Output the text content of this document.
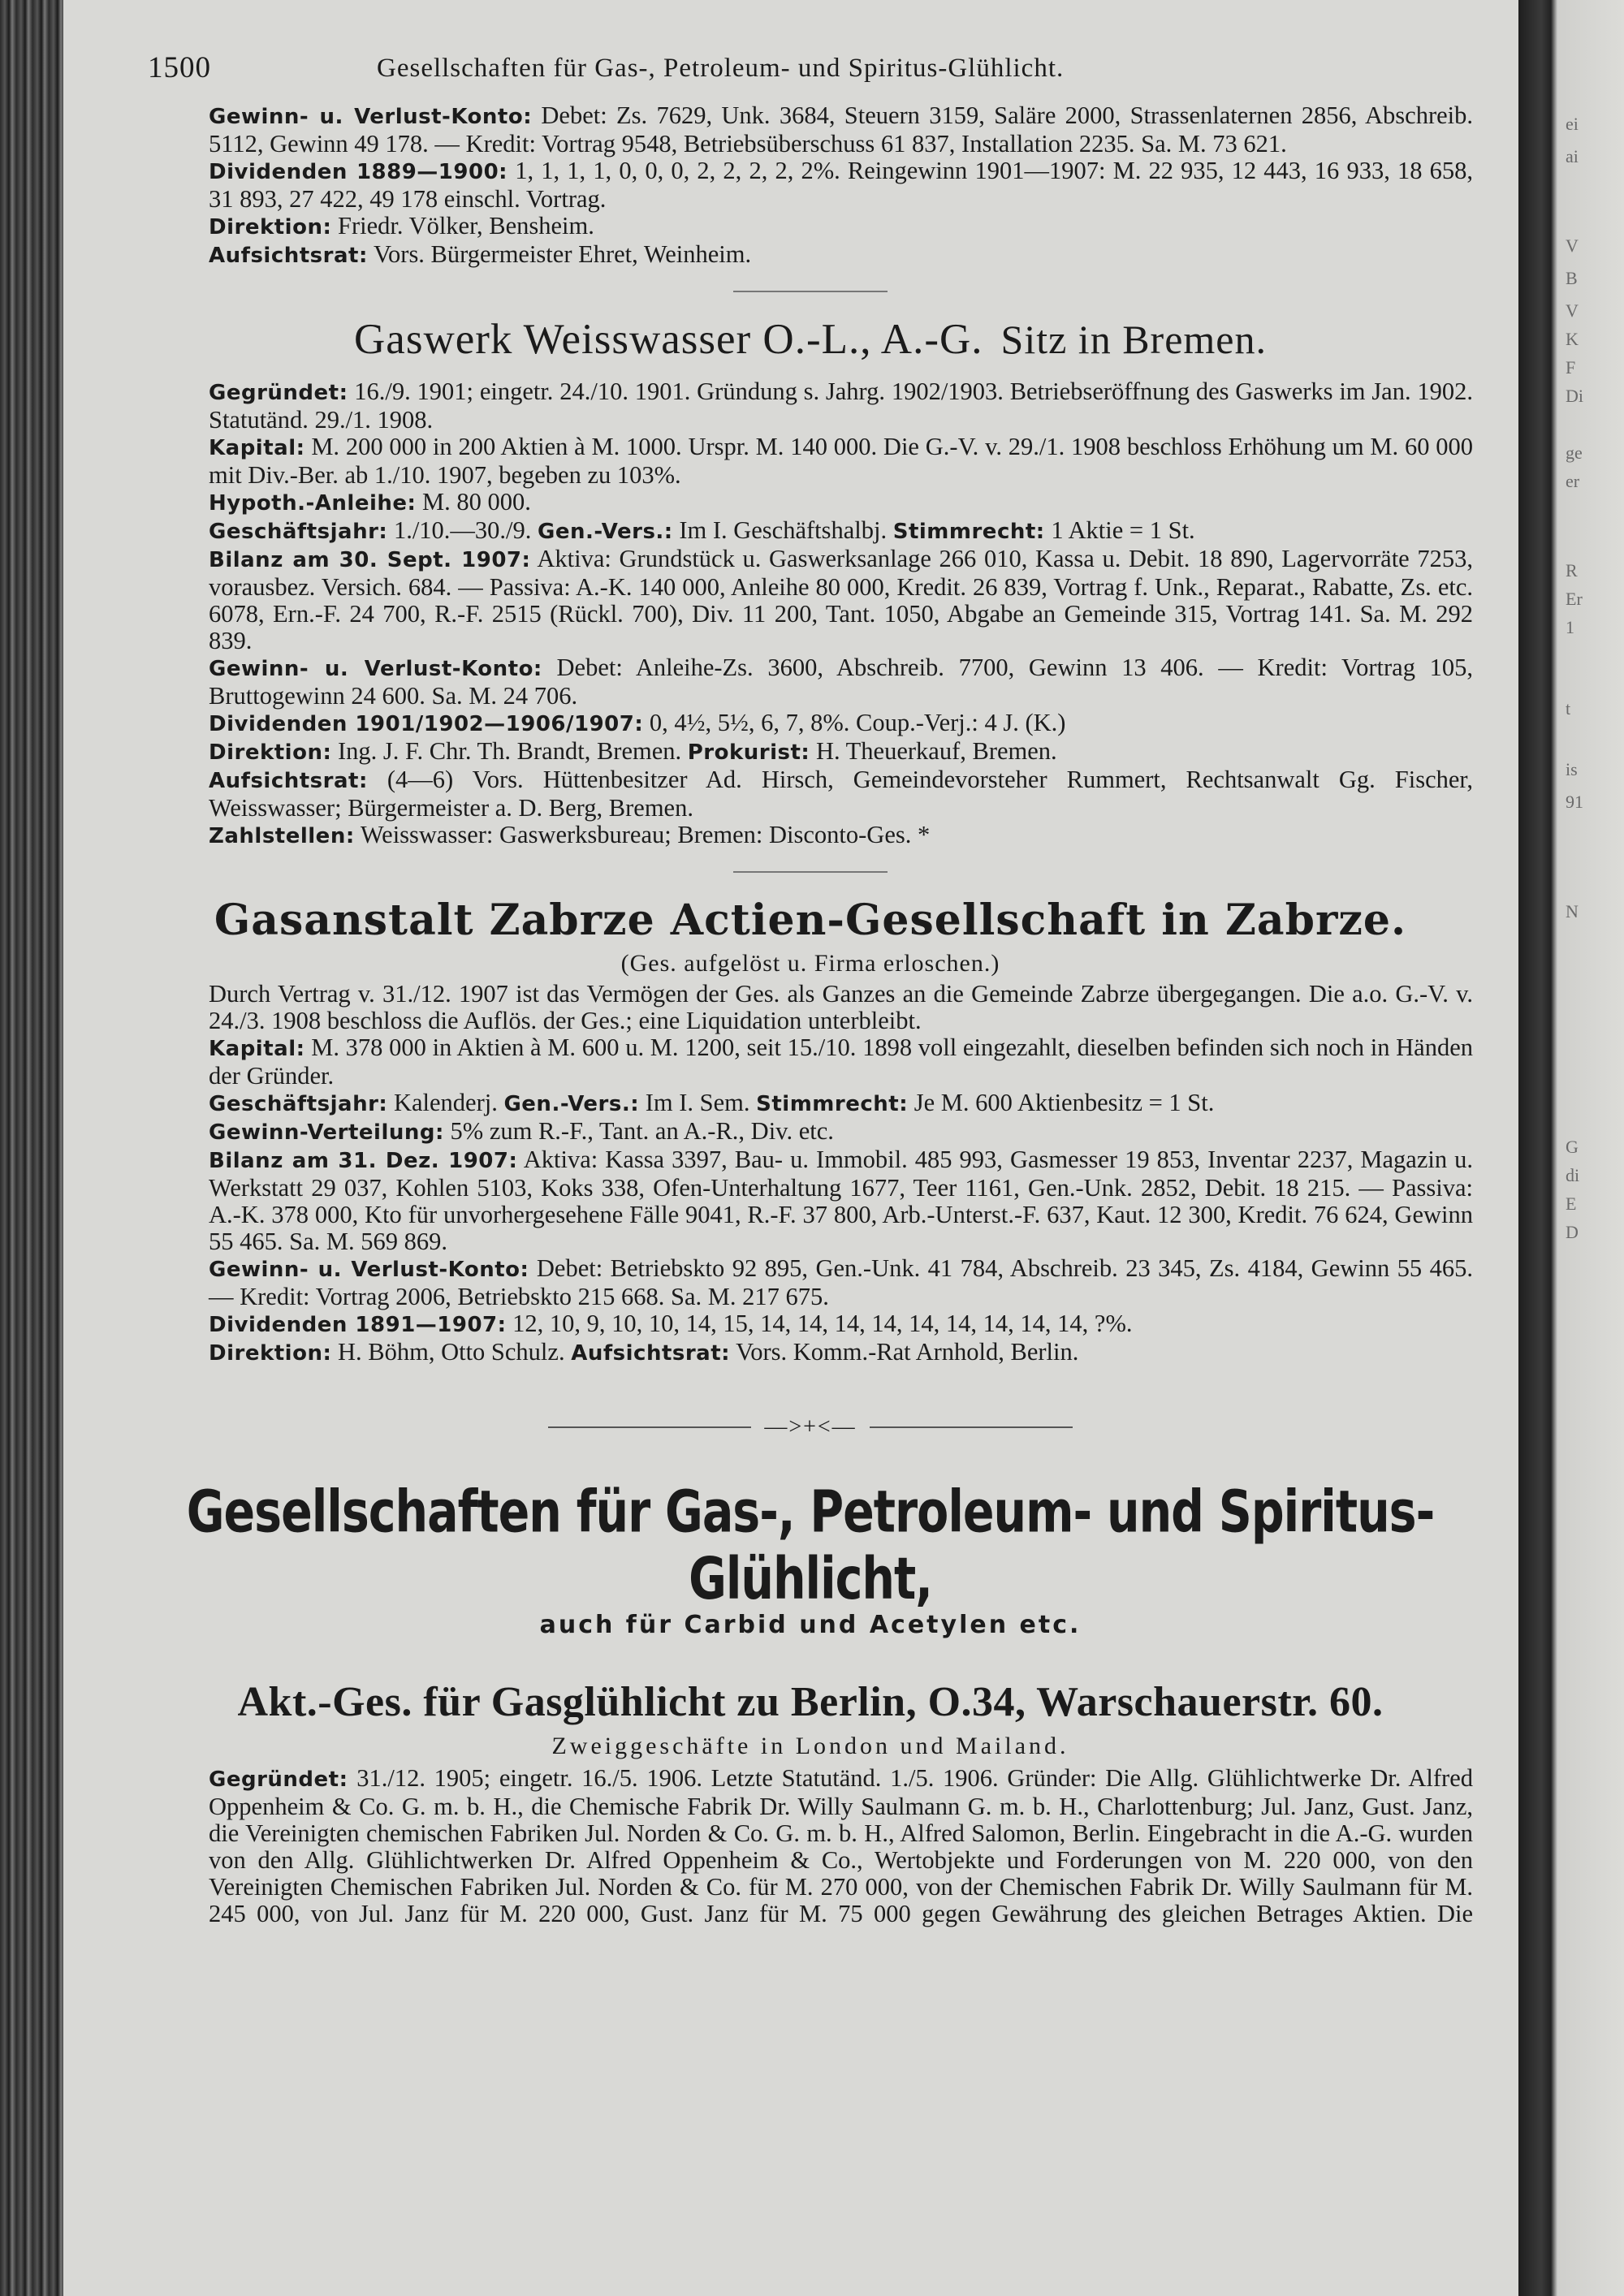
ei
ai
V
B
V
K
F
Di
ge
er
R
Er
1
t
is
91
N
G
di
E
D
1500	Gesellschaften für Gas-, Petroleum- und Spiritus-Glühlicht.
Gewinn- u. Verlust-Konto: Debet: Zs. 7629, Unk. 3684, Steuern 3159, Saläre 2000, Strassenlaternen 2856, Abschreib. 5112, Gewinn 49 178. — Kredit: Vortrag 9548, Betriebsüberschuss 61 837, Installation 2235. Sa. M. 73 621.
Dividenden 1889—1900: 1, 1, 1, 1, 0, 0, 0, 2, 2, 2, 2, 2%. Reingewinn 1901—1907: M. 22 935, 12 443, 16 933, 18 658, 31 893, 27 422, 49 178 einschl. Vortrag.
Direktion: Friedr. Völker, Bensheim.
Aufsichtsrat: Vors. Bürgermeister Ehret, Weinheim.
Gaswerk Weisswasser O.-L., A.-G. Sitz in Bremen.
Gegründet: 16./9. 1901; eingetr. 24./10. 1901. Gründung s. Jahrg. 1902/1903. Betriebseröffnung des Gaswerks im Jan. 1902. Statutänd. 29./1. 1908.
Kapital: M. 200 000 in 200 Aktien à M. 1000. Urspr. M. 140 000. Die G.-V. v. 29./1. 1908 beschloss Erhöhung um M. 60 000 mit Div.-Ber. ab 1./10. 1907, begeben zu 103%.
Hypoth.-Anleihe: M. 80 000.
Geschäftsjahr: 1./10.—30./9. Gen.-Vers.: Im I. Geschäftshalbj. Stimmrecht: 1 Aktie = 1 St.
Bilanz am 30. Sept. 1907: Aktiva: Grundstück u. Gaswerksanlage 266 010, Kassa u. Debit. 18 890, Lagervorräte 7253, vorausbez. Versich. 684. — Passiva: A.-K. 140 000, Anleihe 80 000, Kredit. 26 839, Vortrag f. Unk., Reparat., Rabatte, Zs. etc. 6078, Ern.-F. 24 700, R.-F. 2515 (Rückl. 700), Div. 11 200, Tant. 1050, Abgabe an Gemeinde 315, Vortrag 141. Sa. M. 292 839.
Gewinn- u. Verlust-Konto: Debet: Anleihe-Zs. 3600, Abschreib. 7700, Gewinn 13 406. — Kredit: Vortrag 105, Bruttogewinn 24 600. Sa. M. 24 706.
Dividenden 1901/1902—1906/1907: 0, 4½, 5½, 6, 7, 8%. Coup.-Verj.: 4 J. (K.)
Direktion: Ing. J. F. Chr. Th. Brandt, Bremen. Prokurist: H. Theuerkauf, Bremen.
Aufsichtsrat: (4—6) Vors. Hüttenbesitzer Ad. Hirsch, Gemeindevorsteher Rummert, Rechtsanwalt Gg. Fischer, Weisswasser; Bürgermeister a. D. Berg, Bremen.
Zahlstellen: Weisswasser: Gaswerksbureau; Bremen: Disconto-Ges. *
Gasanstalt Zabrze Actien-Gesellschaft in Zabrze.
(Ges. aufgelöst u. Firma erloschen.)
Durch Vertrag v. 31./12. 1907 ist das Vermögen der Ges. als Ganzes an die Gemeinde Zabrze übergegangen. Die a.o. G.-V. v. 24./3. 1908 beschloss die Auflös. der Ges.; eine Liquidation unterbleibt.
Kapital: M. 378 000 in Aktien à M. 600 u. M. 1200, seit 15./10. 1898 voll eingezahlt, dieselben befinden sich noch in Händen der Gründer.
Geschäftsjahr: Kalenderj. Gen.-Vers.: Im I. Sem. Stimmrecht: Je M. 600 Aktienbesitz = 1 St.
Gewinn-Verteilung: 5% zum R.-F., Tant. an A.-R., Div. etc.
Bilanz am 31. Dez. 1907: Aktiva: Kassa 3397, Bau- u. Immobil. 485 993, Gasmesser 19 853, Inventar 2237, Magazin u. Werkstatt 29 037, Kohlen 5103, Koks 338, Ofen-Unterhaltung 1677, Teer 1161, Gen.-Unk. 2852, Debit. 18 215. — Passiva: A.-K. 378 000, Kto für unvorhergesehene Fälle 9041, R.-F. 37 800, Arb.-Unterst.-F. 637, Kaut. 12 300, Kredit. 76 624, Gewinn 55 465. Sa. M. 569 869.
Gewinn- u. Verlust-Konto: Debet: Betriebskto 92 895, Gen.-Unk. 41 784, Abschreib. 23 345, Zs. 4184, Gewinn 55 465. — Kredit: Vortrag 2006, Betriebskto 215 668. Sa. M. 217 675.
Dividenden 1891—1907: 12, 10, 9, 10, 10, 14, 15, 14, 14, 14, 14, 14, 14, 14, 14, 14, ?%.
Direktion: H. Böhm, Otto Schulz. Aufsichtsrat: Vors. Komm.-Rat Arnhold, Berlin.
—>+<—
Gesellschaften für Gas-, Petroleum- und Spiritus-Glühlicht,
auch für Carbid und Acetylen etc.
Akt.-Ges. für Gasglühlicht zu Berlin, O.34, Warschauerstr. 60.
Zweiggeschäfte in London und Mailand.
Gegründet: 31./12. 1905; eingetr. 16./5. 1906. Letzte Statutänd. 1./5. 1906. Gründer: Die Allg. Glühlichtwerke Dr. Alfred Oppenheim & Co. G. m. b. H., die Chemische Fabrik Dr. Willy Saulmann G. m. b. H., Charlottenburg; Jul. Janz, Gust. Janz, die Vereinigten chemischen Fabriken Jul. Norden & Co. G. m. b. H., Alfred Salomon, Berlin. Eingebracht in die A.-G. wurden von den Allg. Glühlichtwerken Dr. Alfred Oppenheim & Co., Wertobjekte und Forderungen von M. 220 000, von den Vereinigten Chemischen Fabriken Jul. Norden & Co. für M. 270 000, von der Chemischen Fabrik Dr. Willy Saulmann für M. 245 000, von Jul. Janz für M. 220 000, Gust. Janz für M. 75 000 gegen Gewährung des gleichen Betrages Aktien. Die
